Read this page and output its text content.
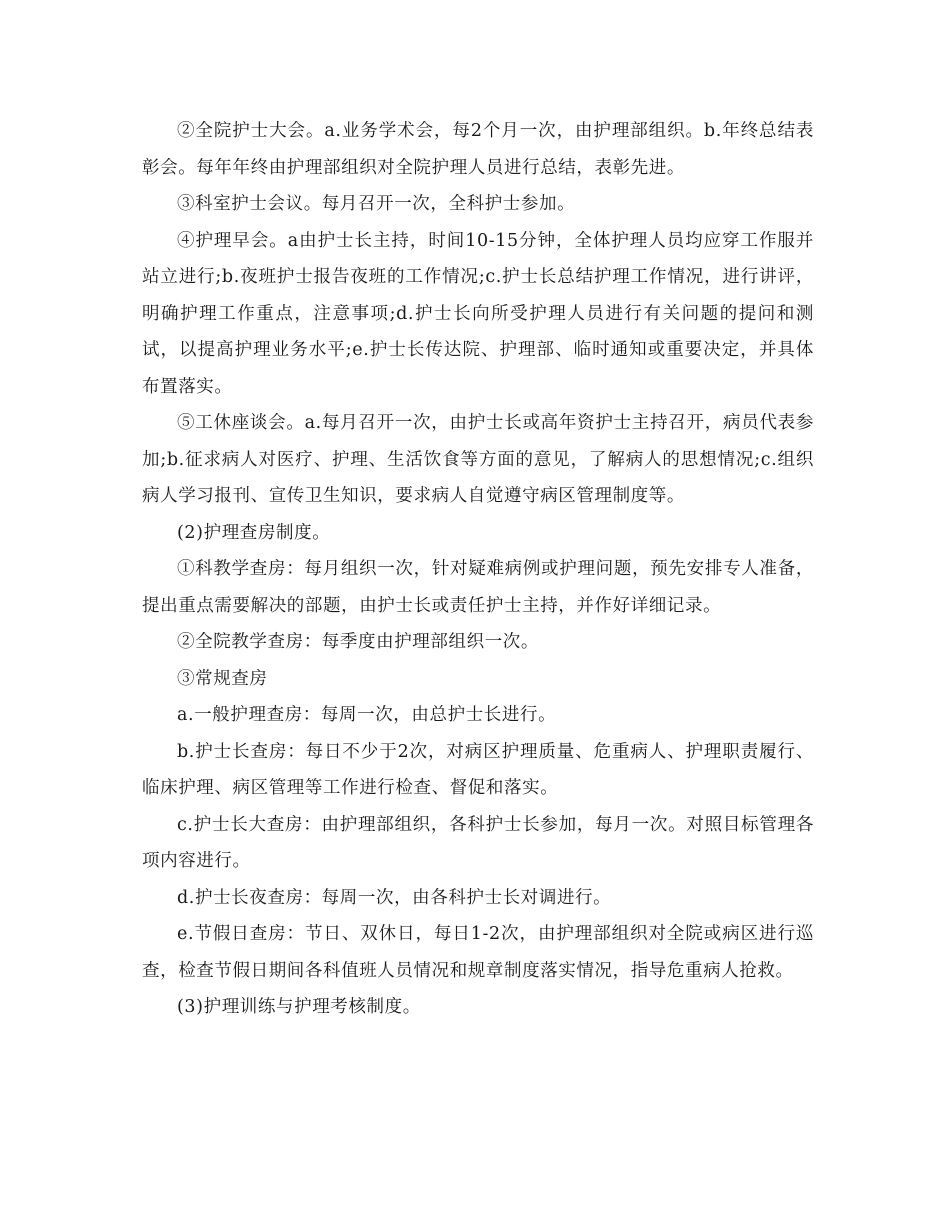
②全院护士大会。a.业务学术会，每2个月一次，由护理部组织。b.年终总结表彰会。每年年终由护理部组织对全院护理人员进行总结，表彰先进。

③科室护士会议。每月召开一次，全科护士参加。

④护理早会。a由护士长主持，时间10-15分钟，全体护理人员均应穿工作服并站立进行;b.夜班护士报告夜班的工作情况;c.护士长总结护理工作情况，进行讲评，明确护理工作重点，注意事项;d.护士长向所受护理人员进行有关问题的提问和测试，以提高护理业务水平;e.护士长传达院、护理部、临时通知或重要决定，并具体布置落实。

⑤工休座谈会。a.每月召开一次，由护士长或高年资护士主持召开，病员代表参加;b.征求病人对医疗、护理、生活饮食等方面的意见，了解病人的思想情况;c.组织病人学习报刊、宣传卫生知识，要求病人自觉遵守病区管理制度等。

(2)护理查房制度。

①科教学查房：每月组织一次，针对疑难病例或护理问题，预先安排专人准备，提出重点需要解决的部题，由护士长或责任护士主持，并作好详细记录。

②全院教学查房：每季度由护理部组织一次。

③常规查房

a.一般护理查房：每周一次，由总护士长进行。

b.护士长查房：每日不少于2次，对病区护理质量、危重病人、护理职责履行、临床护理、病区管理等工作进行检查、督促和落实。

c.护士长大查房：由护理部组织，各科护士长参加，每月一次。对照目标管理各项内容进行。

d.护士长夜查房：每周一次，由各科护士长对调进行。

e.节假日查房：节日、双休日，每日1-2次，由护理部组织对全院或病区进行巡查，检查节假日期间各科值班人员情况和规章制度落实情况，指导危重病人抢救。

(3)护理训练与护理考核制度。
